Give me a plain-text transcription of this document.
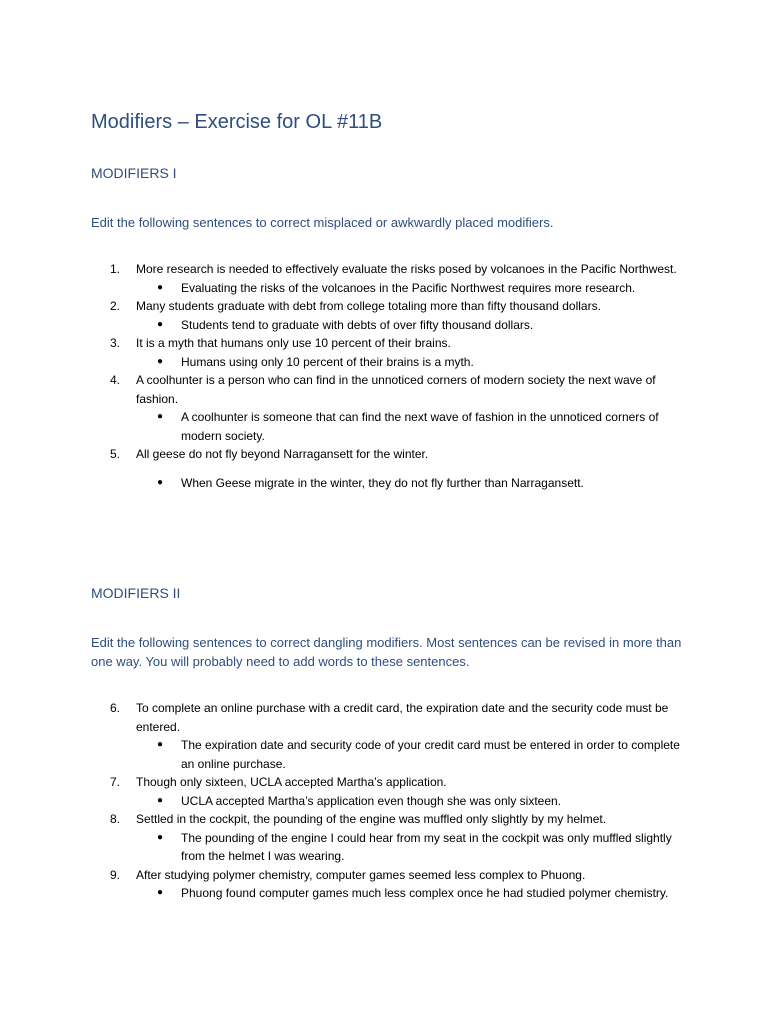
Modifiers – Exercise for OL #11B
MODIFIERS I

Edit the following sentences to correct misplaced or awkwardly placed modifiers.

1. More research is needed to effectively evaluate the risks posed by volcanoes in the Pacific Northwest.
● Evaluating the risks of the volcanoes in the Pacific Northwest requires more research.
2. Many students graduate with debt from college totaling more than fifty thousand dollars.
● Students tend to graduate with debts of over fifty thousand dollars.
3. It is a myth that humans only use 10 percent of their brains.
● Humans using only 10 percent of their brains is a myth.
4. A coolhunter is a person who can find in the unnoticed corners of modern society the next wave of fashion.
● A coolhunter is someone that can find the next wave of fashion in the unnoticed corners of modern society.
5. All geese do not fly beyond Narragansett for the winter.
● When Geese migrate in the winter, they do not fly further than Narragansett.
MODIFIERS II

Edit the following sentences to correct dangling modifiers. Most sentences can be revised in more than one way. You will probably need to add words to these sentences.

6. To complete an online purchase with a credit card, the expiration date and the security code must be entered.
● The expiration date and security code of your credit card must be entered in order to complete an online purchase.
7. Though only sixteen, UCLA accepted Martha’s application.
● UCLA accepted Martha’s application even though she was only sixteen.
8. Settled in the cockpit, the pounding of the engine was muffled only slightly by my helmet.
● The pounding of the engine I could hear from my seat in the cockpit was only muffled slightly from the helmet I was wearing.
9. After studying polymer chemistry, computer games seemed less complex to Phuong.
● Phuong found computer games much less complex once he had studied polymer chemistry.
